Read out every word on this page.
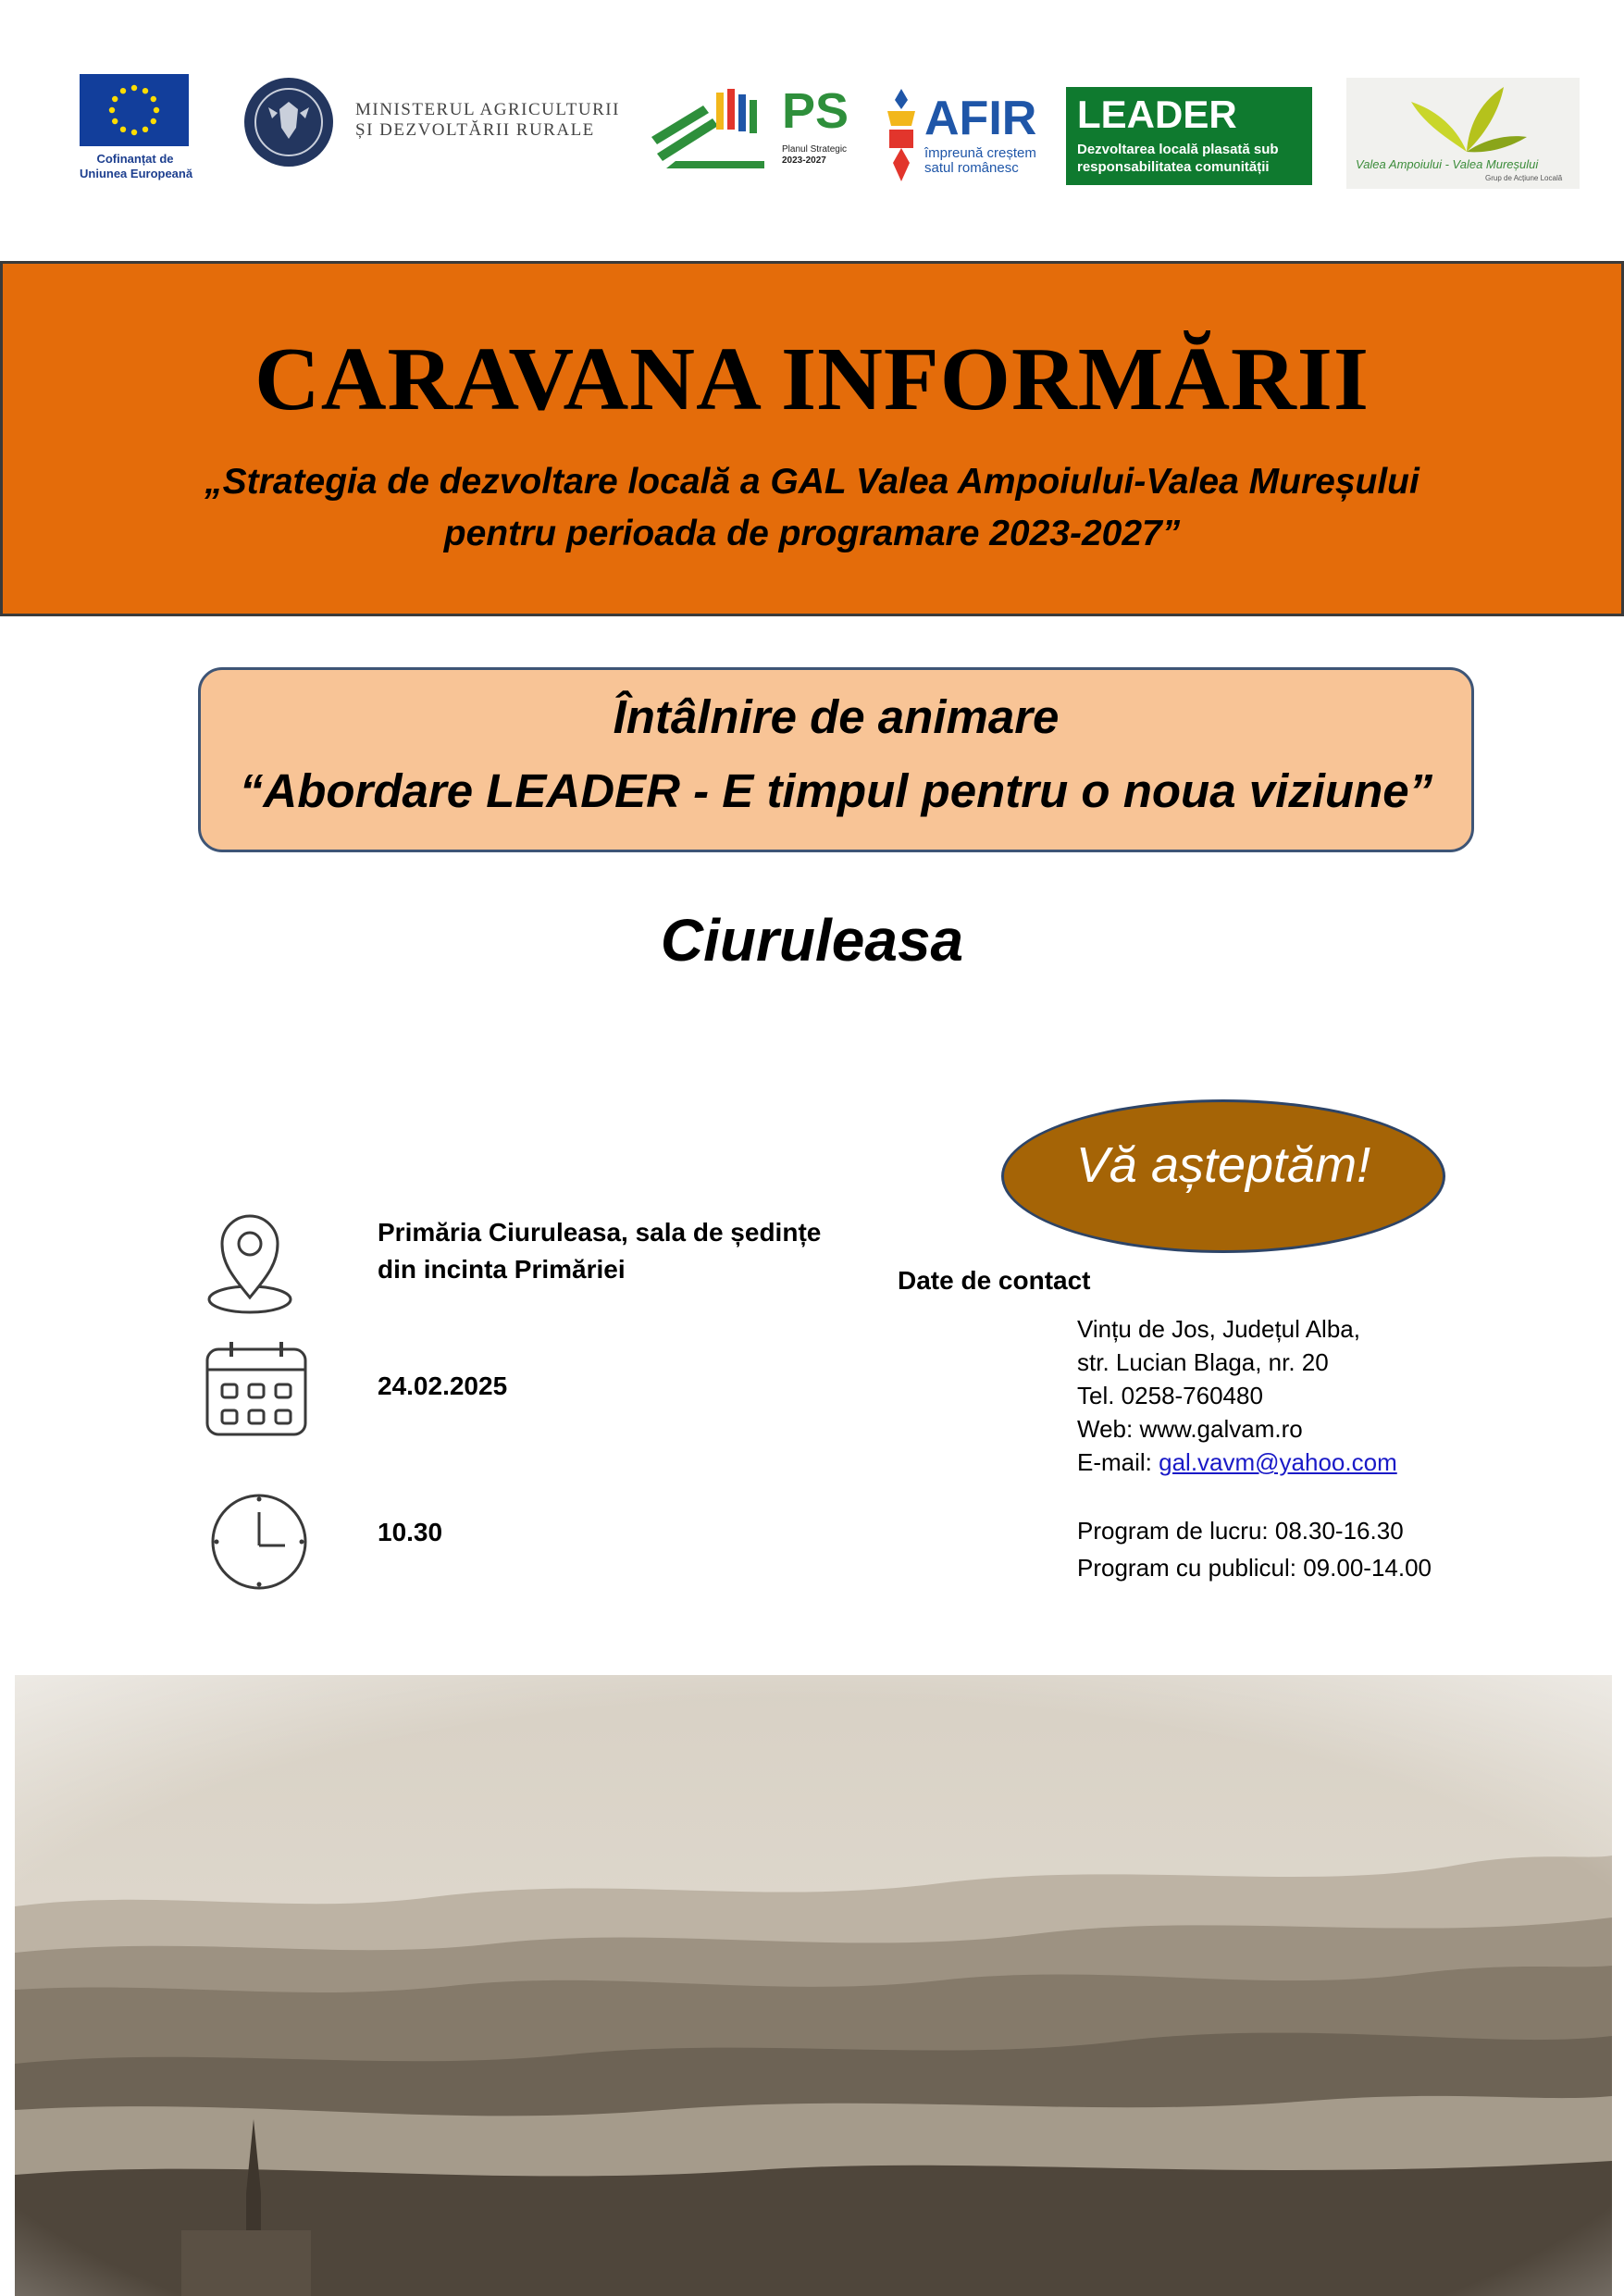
Cofinanțat de
Uniunea Europeană
MINISTERUL AGRICULTURII
ȘI DEZVOLTĂRII RURALE	PS
Planul Strategic
2023-2027
AFIR
împreună creștem
satul românesc
LEADER
Dezvoltarea locală plasată sub responsabilitatea comunității	Valea Ampoiului - Valea Mureșului
Grup de Acțiune Locală
CARAVANA INFORMĂRII
„Strategia de dezvoltare locală a GAL Valea Ampoiului-Valea Mureșului
pentru perioada de programare 2023-2027”
Întâlnire de animare
“Abordare LEADER - E timpul pentru o noua viziune”
Ciuruleasa
Vă așteptăm!
Primăria Ciuruleasa, sala de ședințe
din incinta Primăriei
24.02.2025
10.30
Date de contact
Vințu de Jos, Județul Alba,
str. Lucian Blaga, nr. 20
Tel. 0258-760480
Web: www.galvam.ro
E-mail: gal.vavm@yahoo.com
Program de lucru: 08.30-16.30
Program cu publicul: 09.00-14.00
